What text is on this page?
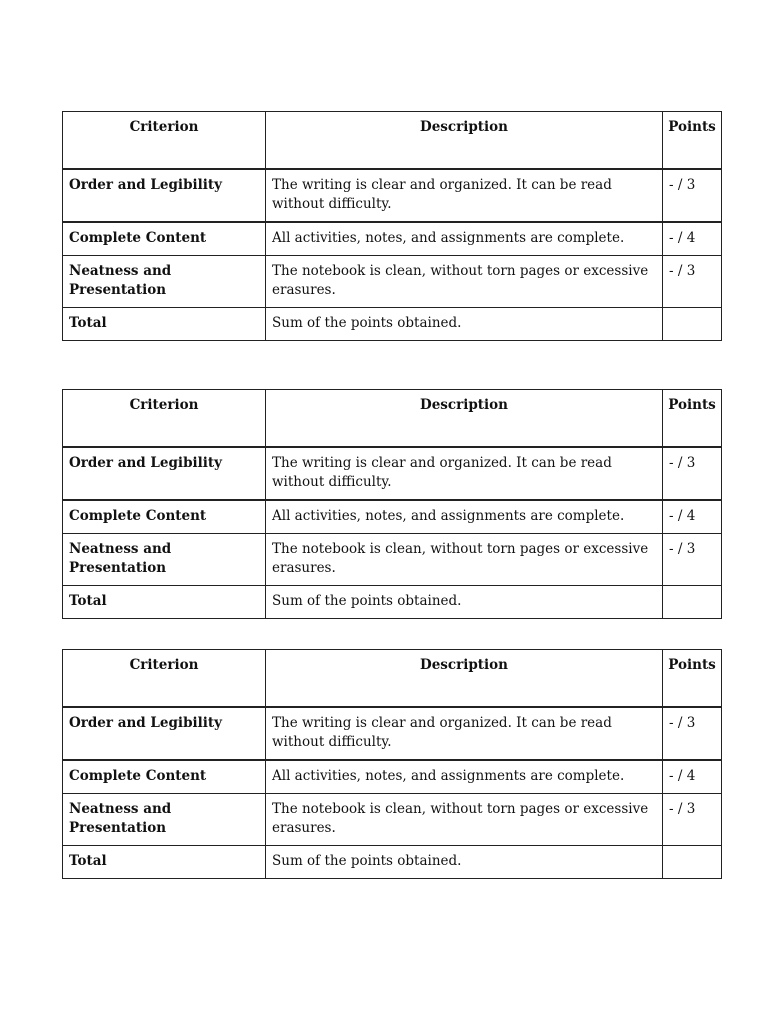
Criterion	Description	Points
Order and Legibility	The writing is clear and organized. It can be read without difficulty.	- / 3
Complete Content	All activities, notes, and assignments are complete.	- / 4
Neatness and Presentation	The notebook is clean, without torn pages or excessive erasures.	- / 3
Total	Sum of the points obtained.	
Criterion	Description	Points
Order and Legibility	The writing is clear and organized. It can be read without difficulty.	- / 3
Complete Content	All activities, notes, and assignments are complete.	- / 4
Neatness and Presentation	The notebook is clean, without torn pages or excessive erasures.	- / 3
Total	Sum of the points obtained.	
Criterion	Description	Points
Order and Legibility	The writing is clear and organized. It can be read without difficulty.	- / 3
Complete Content	All activities, notes, and assignments are complete.	- / 4
Neatness and Presentation	The notebook is clean, without torn pages or excessive erasures.	- / 3
Total	Sum of the points obtained.	
